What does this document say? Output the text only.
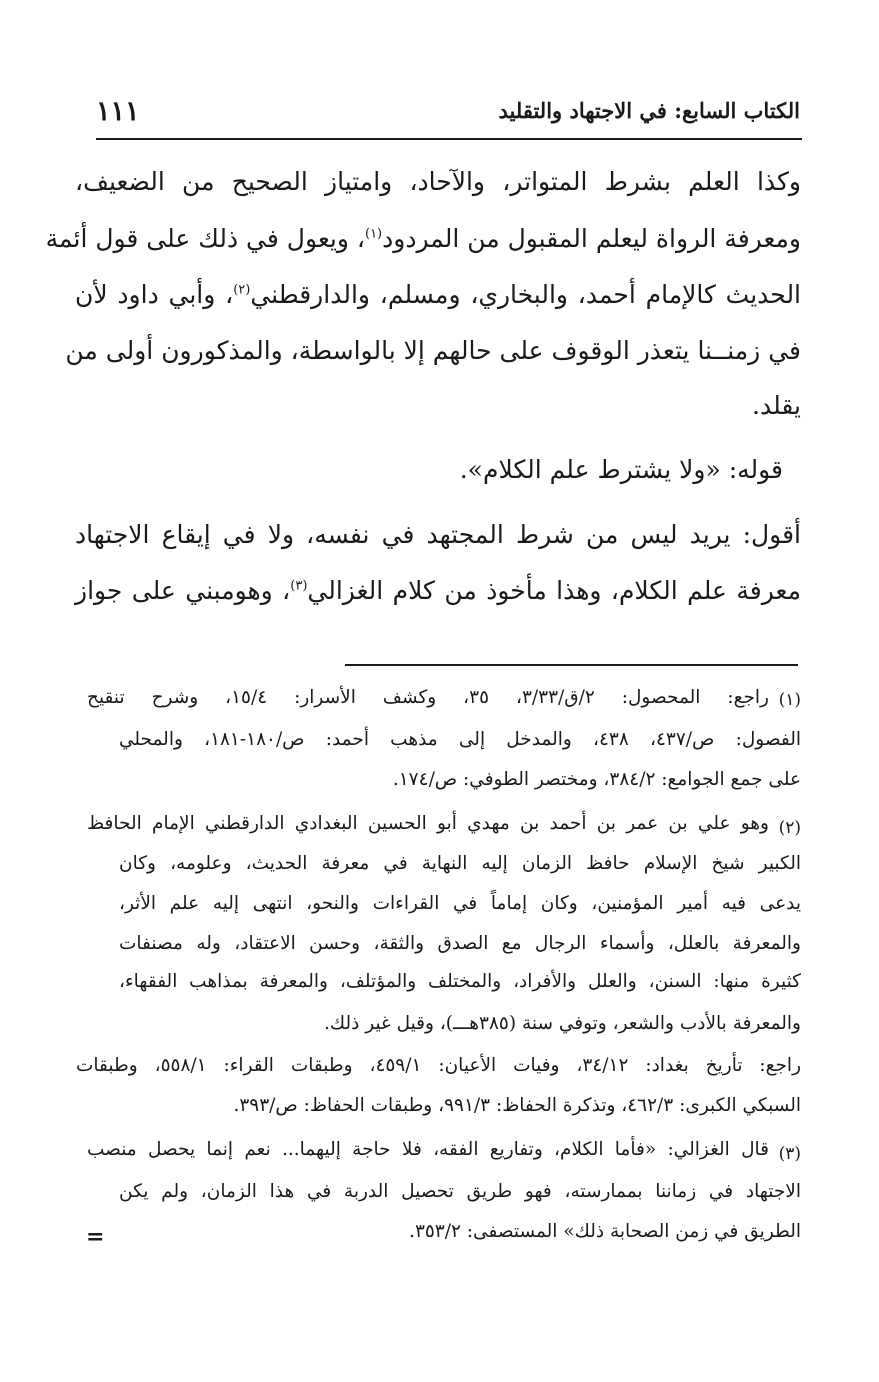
الكتاب السابع: في الاجتهاد والتقليد
١١١
وكذا العلم بشرط المتواتر، والآحاد، وامتياز الصحيح من الضعيف،
ومعرفة الرواة ليعلم المقبول من المردود$^{(١)}$، ويعول في ذلك على قول أئمة
الحديث كالإمام أحمد، والبخاري، ومسلم، والدارقطني$^{(٢)}$، وأبي داود لأن
في زمنــنا يتعذر الوقوف على حالهم إلا بالواسطة، والمذكورون أولى من
يقلد.
قوله: «ولا يشترط علم الكلام».
أقول: يريد ليس من شرط المجتهد في نفسه، ولا في إيقاع الاجتهاد
معرفة علم الكلام، وهذا مأخوذ من كلام الغزالي$^{(٣)}$، وهومبني على جواز
(١)
راجع: المحصول: ٢/ق/٣/٣٣، ٣٥، وكشف الأسرار: ١٥/٤، وشرح تنقيح
الفصول: ص/٤٣٧، ٤٣٨، والمدخل إلى مذهب أحمد: ص/١٨٠-١٨١، والمحلي
على جمع الجوامع: ٣٨٤/٢، ومختصر الطوفي: ص/١٧٤.
(٢)
وهو علي بن عمر بن أحمد بن مهدي أبو الحسين البغدادي الدارقطني الإمام الحافظ
الكبير شيخ الإسلام حافظ الزمان إليه النهاية في معرفة الحديث، وعلومه، وكان
يدعى فيه أمير المؤمنين، وكان إماماً في القراءات والنحو، انتهى إليه علم الأثر،
والمعرفة بالعلل، وأسماء الرجال مع الصدق والثقة، وحسن الاعتقاد، وله مصنفات
كثيرة منها: السنن، والعلل والأفراد، والمختلف والمؤتلف، والمعرفة بمذاهب الفقهاء،
والمعرفة بالأدب والشعر، وتوفي سنة (٣٨٥هـــ)، وقيل غير ذلك.
راجع: تأريخ بغداد: ٣٤/١٢، وفيات الأعيان: ٤٥٩/١، وطبقات القراء: ٥٥٨/١، وطبقات
السبكي الكبرى: ٤٦٢/٣، وتذكرة الحفاظ: ٩٩١/٣، وطبقات الحفاظ: ص/٣٩٣.
(٣)
قال الغزالي: «فأما الكلام، وتفاريع الفقه، فلا حاجة إليهما... نعم إنما يحصل منصب
الاجتهاد في زماننا بممارسته، فهو طريق تحصيل الدربة في هذا الزمان، ولم يكن
الطريق في زمن الصحابة ذلك» المستصفى: ٣٥٣/٢.
=
